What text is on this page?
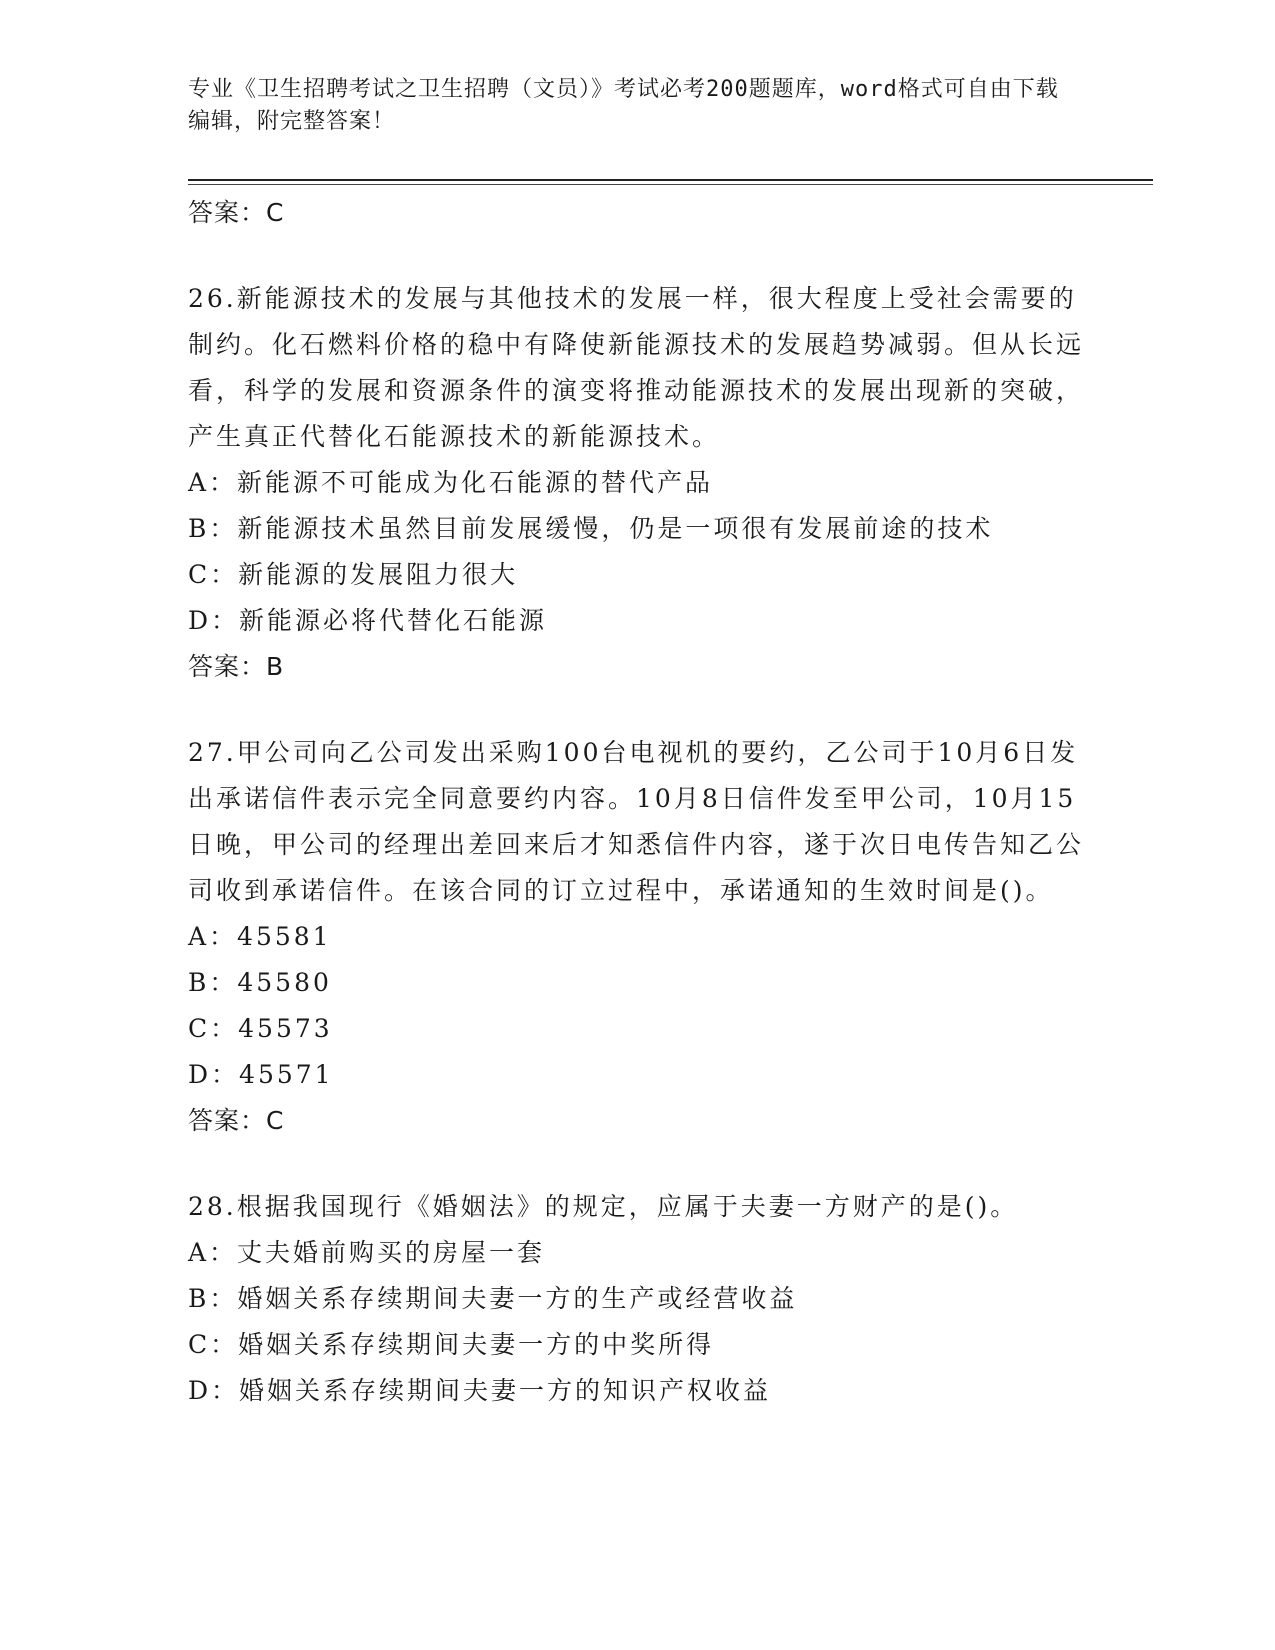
专业《卫生招聘考试之卫生招聘（文员）》考试必考200题题库，word格式可自由下载编辑，附完整答案！
答案：C
26.新能源技术的发展与其他技术的发展一样，很大程度上受社会需要的制约。化石燃料价格的稳中有降使新能源技术的发展趋势减弱。但从长远看，科学的发展和资源条件的演变将推动能源技术的发展出现新的突破，产生真正代替化石能源技术的新能源技术。
A：新能源不可能成为化石能源的替代产品
B：新能源技术虽然目前发展缓慢，仍是一项很有发展前途的技术
C：新能源的发展阻力很大
D：新能源必将代替化石能源
答案：B
27.甲公司向乙公司发出采购100台电视机的要约，乙公司于10月6日发出承诺信件表示完全同意要约内容。10月8日信件发至甲公司，10月15日晚，甲公司的经理出差回来后才知悉信件内容，遂于次日电传告知乙公司收到承诺信件。在该合同的订立过程中，承诺通知的生效时间是()。
A：45581
B：45580
C：45573
D：45571
答案：C
28.根据我国现行《婚姻法》的规定，应属于夫妻一方财产的是()。
A：丈夫婚前购买的房屋一套
B：婚姻关系存续期间夫妻一方的生产或经营收益
C：婚姻关系存续期间夫妻一方的中奖所得
D：婚姻关系存续期间夫妻一方的知识产权收益
